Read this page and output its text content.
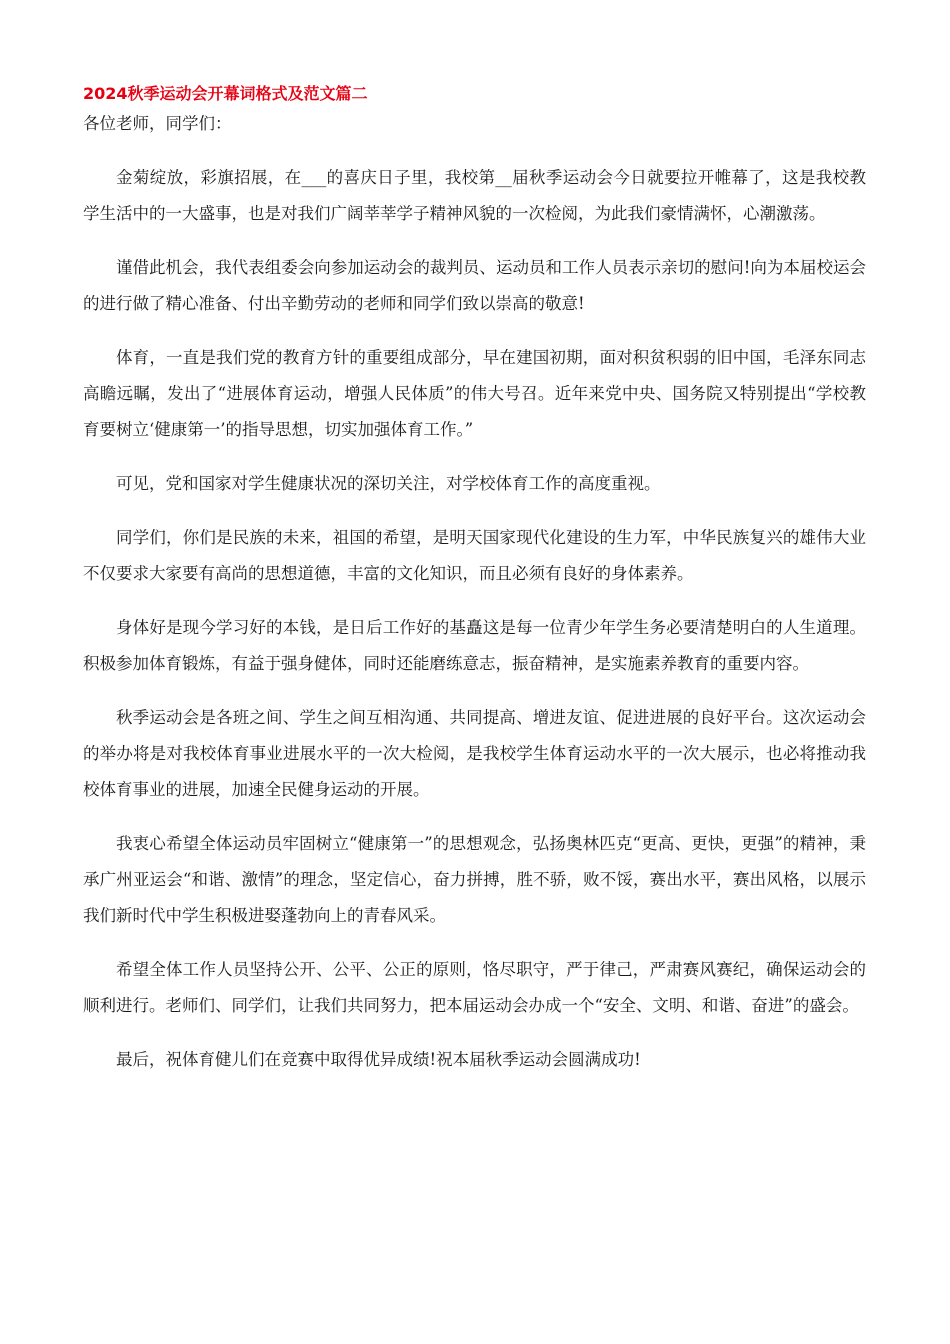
2024秋季运动会开幕词格式及范文篇二

各位老师，同学们：

金菊绽放，彩旗招展，在___的喜庆日子里，我校第__届秋季运动会今日就要拉开帷幕了，这是我校教学生活中的一大盛事，也是对我们广阔莘莘学子精神风貌的一次检阅，为此我们豪情满怀，心潮激荡。

谨借此机会，我代表组委会向参加运动会的裁判员、运动员和工作人员表示亲切的慰问!向为本届校运会的进行做了精心准备、付出辛勤劳动的老师和同学们致以崇高的敬意!

体育，一直是我们党的教育方针的重要组成部分，早在建国初期，面对积贫积弱的旧中国，毛泽东同志高瞻远瞩，发出了“进展体育运动，增强人民体质”的伟大号召。近年来党中央、国务院又特别提出“学校教育要树立‘健康第一’的指导思想，切实加强体育工作。”

可见，党和国家对学生健康状况的深切关注，对学校体育工作的高度重视。

同学们，你们是民族的未来，祖国的希望，是明天国家现代化建设的生力军，中华民族复兴的雄伟大业不仅要求大家要有高尚的思想道德，丰富的文化知识，而且必须有良好的身体素养。

身体好是现今学习好的本钱，是日后工作好的基矗这是每一位青少年学生务必要清楚明白的人生道理。积极参加体育锻炼，有益于强身健体，同时还能磨练意志，振奋精神，是实施素养教育的重要内容。

秋季运动会是各班之间、学生之间互相沟通、共同提高、增进友谊、促进进展的良好平台。这次运动会的举办将是对我校体育事业进展水平的一次大检阅，是我校学生体育运动水平的一次大展示，也必将推动我校体育事业的进展，加速全民健身运动的开展。

我衷心希望全体运动员牢固树立“健康第一”的思想观念，弘扬奥林匹克“更高、更快，更强”的精神，秉承广州亚运会“和谐、激情”的理念，坚定信心，奋力拼搏，胜不骄，败不馁，赛出水平，赛出风格，以展示我们新时代中学生积极进娶蓬勃向上的青春风采。

希望全体工作人员坚持公开、公平、公正的原则，恪尽职守，严于律己，严肃赛风赛纪，确保运动会的顺利进行。老师们、同学们，让我们共同努力，把本届运动会办成一个“安全、文明、和谐、奋进”的盛会。

最后，祝体育健儿们在竞赛中取得优异成绩!祝本届秋季运动会圆满成功!
